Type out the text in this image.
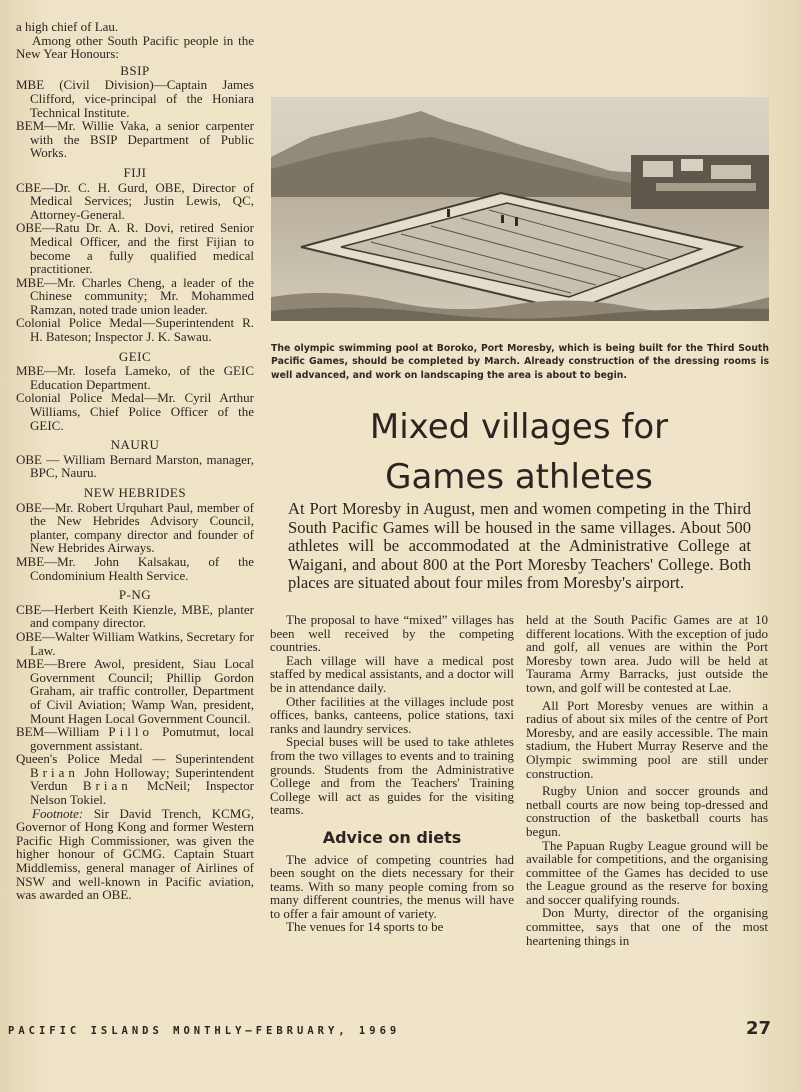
a high chief of Lau.

Among other South Pacific people in the New Year Honours:

BSIP

MBE (Civil Division)—Captain James Clifford, vice-principal of the Honiara Technical Institute.

BEM—Mr. Willie Vaka, a senior carpenter with the BSIP Department of Public Works.

FIJI

CBE—Dr. C. H. Gurd, OBE, Director of Medical Services; Justin Lewis, QC, Attorney-General.

OBE—Ratu Dr. A. R. Dovi, retired Senior Medical Officer, and the first Fijian to become a fully qualified medical practitioner.

MBE—Mr. Charles Cheng, a leader of the Chinese community; Mr. Mohammed Ramzan, noted trade union leader.

Colonial Police Medal—Superintendent R. H. Bateson; Inspector J. K. Sawau.

GEIC

MBE—Mr. Iosefa Lameko, of the GEIC Education Department.

Colonial Police Medal—Mr. Cyril Arthur Williams, Chief Police Officer of the GEIC.

NAURU

OBE — William Bernard Marston, manager, BPC, Nauru.

NEW HEBRIDES

OBE—Mr. Robert Urquhart Paul, member of the New Hebrides Advisory Council, planter, company director and founder of New Hebrides Airways.

MBE—Mr. John Kalsakau, of the Condominium Health Service.

P-NG

CBE—Herbert Keith Kienzle, MBE, planter and company director.

OBE—Walter William Watkins, Secretary for Law.

MBE—Brere Awol, president, Siau Local Government Council; Phillip Gordon Graham, air traffic controller, Department of Civil Aviation; Wamp Wan, president, Mount Hagen Local Government Council.

BEM—William Pillo Pomutmut, local government assistant.

Queen's Police Medal — Superintendent Brian John Holloway; Superintendent Verdun Brian McNeil; Inspector Nelson Tokiel.

Footnote: Sir David Trench, KCMG, Governor of Hong Kong and former Western Pacific High Commissioner, was given the higher honour of GCMG. Captain Stuart Middlemiss, general manager of Airlines of NSW and well-known in Pacific aviation, was awarded an OBE.

The olympic swimming pool at Boroko, Port Moresby, which is being built for the Third South Pacific Games, should be completed by March. Already construction of the dressing rooms is well advanced, and work on landscaping the area is about to begin.

Mixed villages for
Games athletes

At Port Moresby in August, men and women competing in the Third South Pacific Games will be housed in the same villages. About 500 athletes will be accommodated at the Administrative College at Waigani, and about 800 at the Port Moresby Teachers' College. Both places are situated about four miles from Moresby's airport.

The proposal to have “mixed” villages has been well received by the competing countries.

Each village will have a medical post staffed by medical assistants, and a doctor will be in attendance daily.

Other facilities at the villages include post offices, banks, canteens, police stations, taxi ranks and laundry services.

Special buses will be used to take athletes from the two villages to events and to training grounds. Students from the Administrative College and from the Teachers' Training College will act as guides for the visiting teams.

Advice on diets

The advice of competing countries had been sought on the diets necessary for their teams. With so many people coming from so many different countries, the menus will have to offer a fair amount of variety.

The venues for 14 sports to be

held at the South Pacific Games are at 10 different locations. With the exception of judo and golf, all venues are within the Port Moresby town area. Judo will be held at Taurama Army Barracks, just outside the town, and golf will be contested at Lae.

All Port Moresby venues are within a radius of about six miles of the centre of Port Moresby, and are easily accessible. The main stadium, the Hubert Murray Reserve and the Olympic swimming pool are still under construction.

Rugby Union and soccer grounds and netball courts are now being top-dressed and construction of the basketball courts has begun.

The Papuan Rugby League ground will be available for competitions, and the organising committee of the Games has decided to use the League ground as the reserve for boxing and soccer qualifying rounds.

Don Murty, director of the organising committee, says that one of the most heartening things in

PACIFIC ISLANDS MONTHLY—FEBRUARY, 1969	27
